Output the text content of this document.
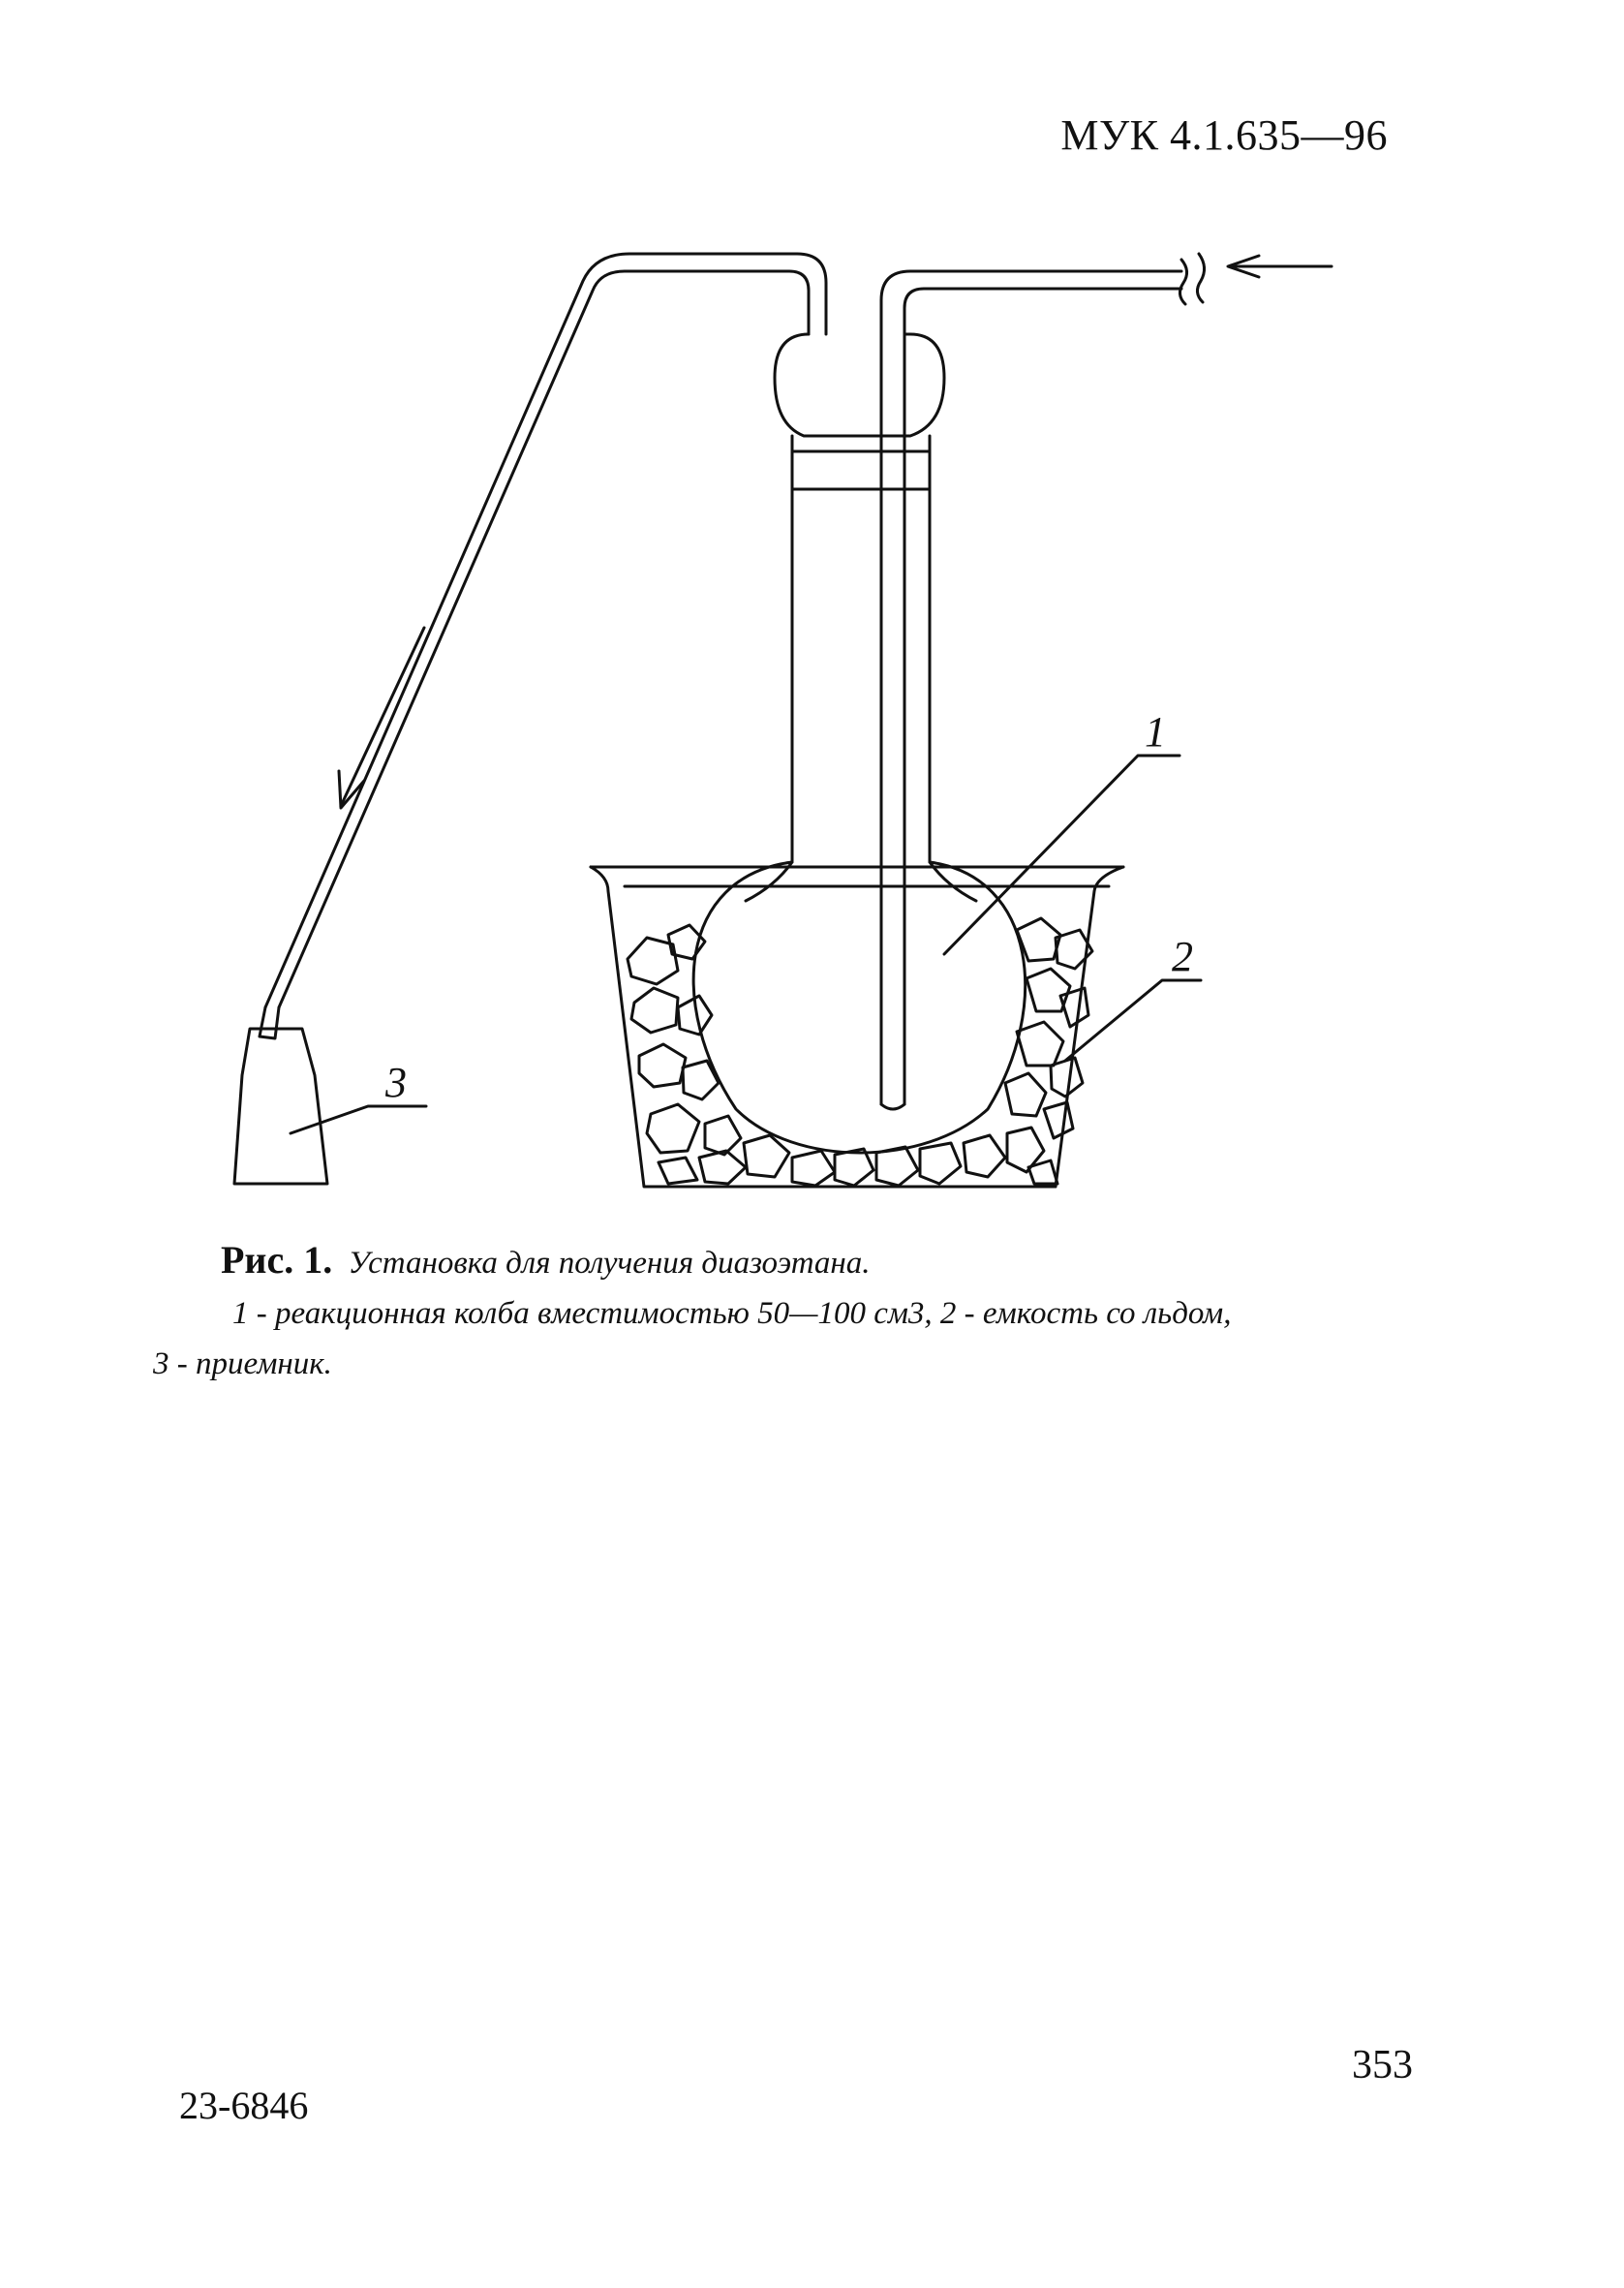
МУК 4.1.635—96
1
2
3
Рис. 1. Установка для получения диазоэтана.
1 - реакционная колба вместимостью 50—100 см3, 2 - емкость со льдом,
3 - приемник.
353
23-6846
